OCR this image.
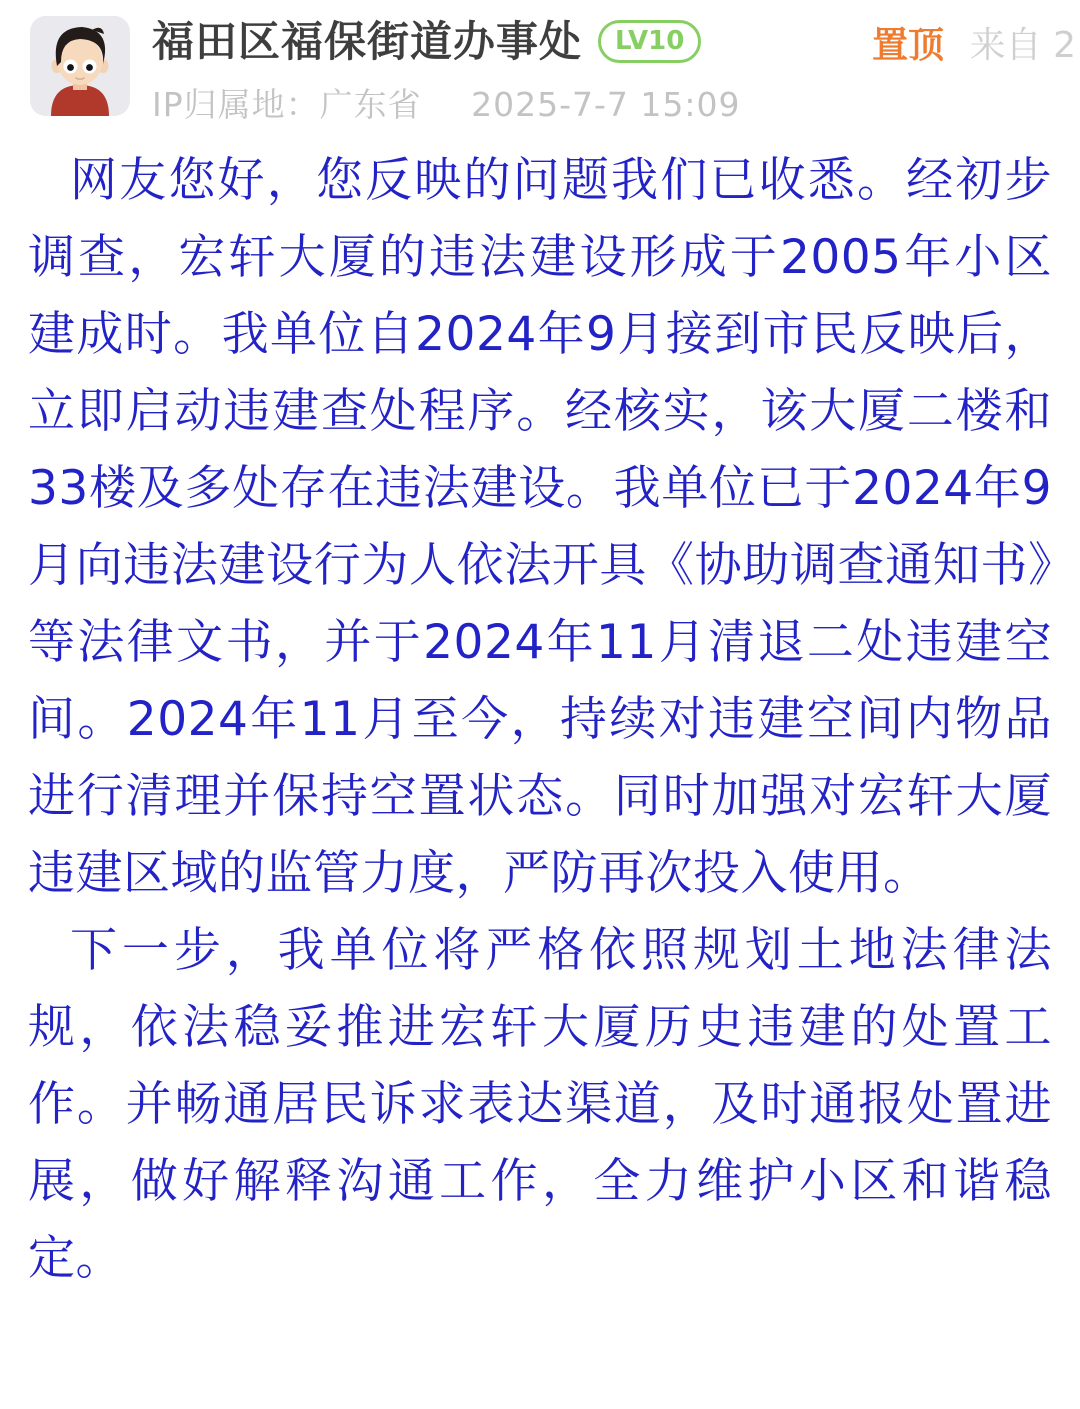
福田区福保街道办事处	LV10
IP归属地：广东省 2025-7-7 15:09
置顶 来自 2

网友您好，您反映的问题我们已收悉。经初步调查，宏轩大厦的违法建设形成于2005年小区建成时。我单位自2024年9月接到市民反映后，立即启动违建查处程序。经核实，该大厦二楼和33楼及多处存在违法建设。我单位已于2024年9月向违法建设行为人依法开具《协助调查通知书》等法律文书，并于2024年11月清退二处违建空间。2024年11月至今，持续对违建空间内物品进行清理并保持空置状态。同时加强对宏轩大厦违建区域的监管力度，严防再次投入使用。

下一步，我单位将严格依照规划土地法律法规，依法稳妥推进宏轩大厦历史违建的处置工作。并畅通居民诉求表达渠道，及时通报处置进展，做好解释沟通工作，全力维护小区和谐稳定。
